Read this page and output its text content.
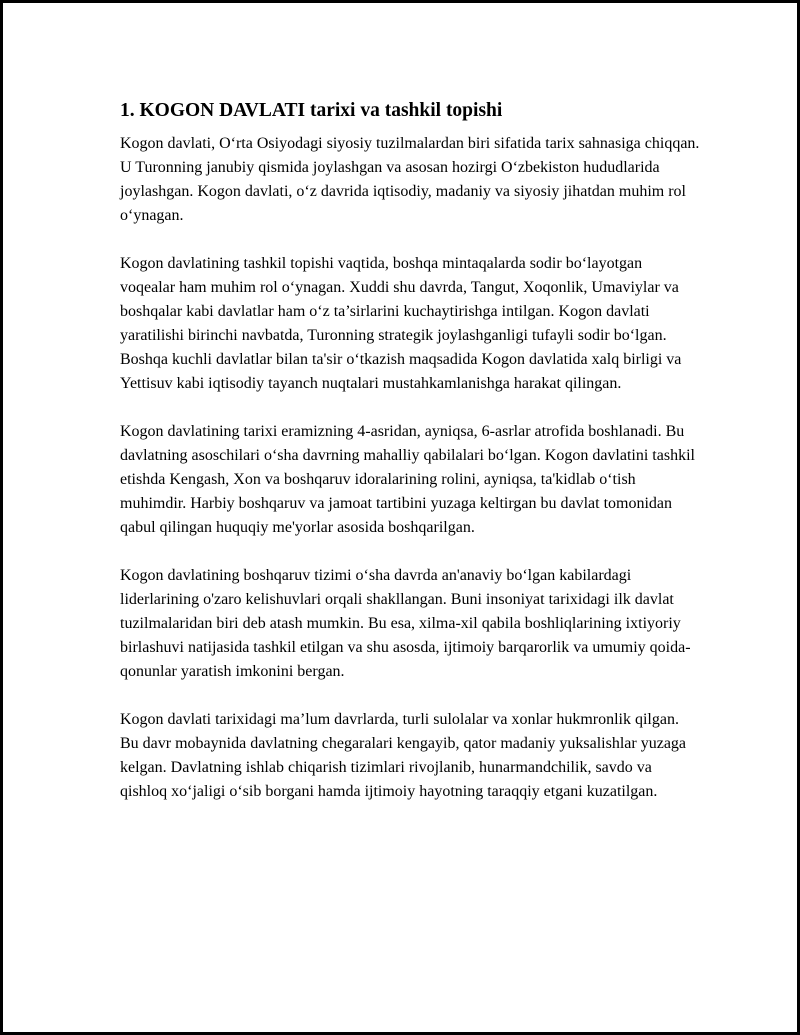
1. KOGON DAVLATI tarixi va tashkil topishi

Kogon davlati, O‘rta Osiyodagi siyosiy tuzilmalardan biri sifatida tarix sahnasiga chiqqan. U Turonning janubiy qismida joylashgan va asosan hozirgi O‘zbekiston hududlarida joylashgan. Kogon davlati, o‘z davrida iqtisodiy, madaniy va siyosiy jihatdan muhim rol o‘ynagan.

Kogon davlatining tashkil topishi vaqtida, boshqa mintaqalarda sodir bo‘layotgan voqealar ham muhim rol o‘ynagan. Xuddi shu davrda, Tangut, Xoqonlik, Umaviylar va boshqalar kabi davlatlar ham o‘z ta’sirlarini kuchaytirishga intilgan. Kogon davlati yaratilishi birinchi navbatda, Turonning strategik joylashganligi tufayli sodir bo‘lgan. Boshqa kuchli davlatlar bilan ta'sir o‘tkazish maqsadida Kogon davlatida xalq birligi va Yettisuv kabi iqtisodiy tayanch nuqtalari mustahkamlanishga harakat qilingan.

Kogon davlatining tarixi eramizning 4-asridan, ayniqsa, 6-asrlar atrofida boshlanadi. Bu davlatning asoschilari o‘sha davrning mahalliy qabilalari bo‘lgan. Kogon davlatini tashkil etishda Kengash, Xon va boshqaruv idoralarining rolini, ayniqsa, ta'kidlab o‘tish muhimdir. Harbiy boshqaruv va jamoat tartibini yuzaga keltirgan bu davlat tomonidan qabul qilingan huquqiy me'yorlar asosida boshqarilgan.

Kogon davlatining boshqaruv tizimi o‘sha davrda an'anaviy bo‘lgan kabilardagi liderlarining o'zaro kelishuvlari orqali shakllangan. Buni insoniyat tarixidagi ilk davlat tuzilmalaridan biri deb atash mumkin. Bu esa, xilma-xil qabila boshliqlarining ixtiyoriy birlashuvi natijasida tashkil etilgan va shu asosda, ijtimoiy barqarorlik va umumiy qoida-qonunlar yaratish imkonini bergan.

Kogon davlati tarixidagi ma’lum davrlarda, turli sulolalar va xonlar hukmronlik qilgan. Bu davr mobaynida davlatning chegaralari kengayib, qator madaniy yuksalishlar yuzaga kelgan. Davlatning ishlab chiqarish tizimlari rivojlanib, hunarmandchilik, savdo va qishloq xo‘jaligi o‘sib borgani hamda ijtimoiy hayotning taraqqiy etgani kuzatilgan.
